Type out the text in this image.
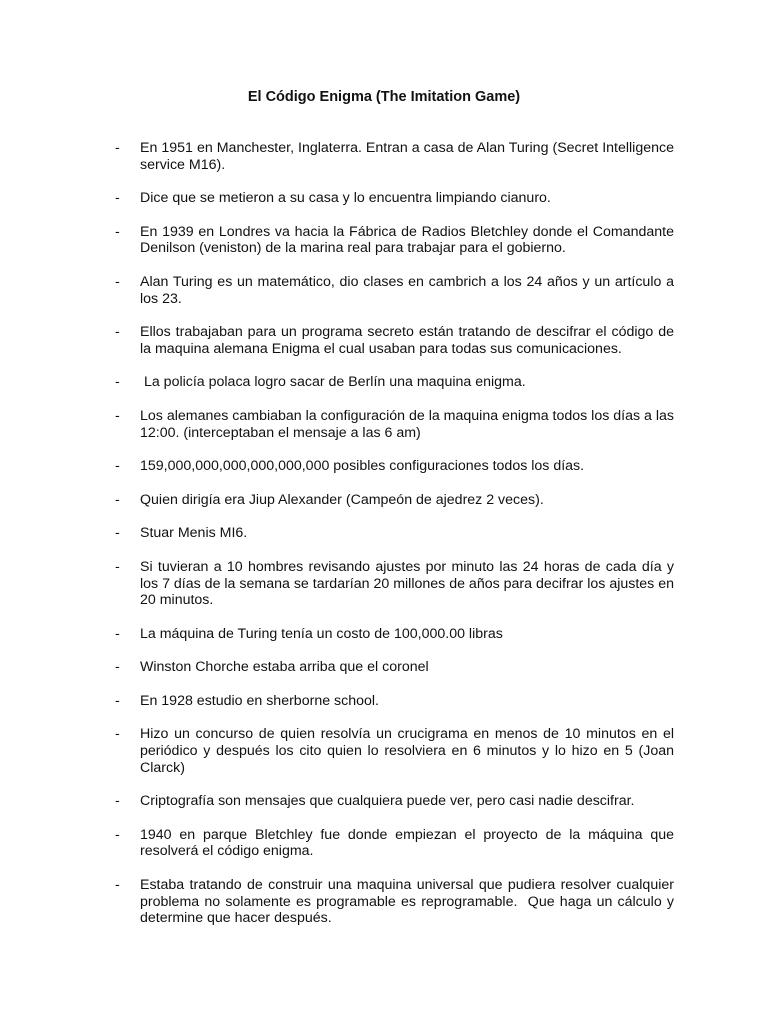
El Código Enigma (The Imitation Game)
- En 1951 en Manchester, Inglaterra. Entran a casa de Alan Turing (Secret Intelligence service M16).
- Dice que se metieron a su casa y lo encuentra limpiando cianuro.
- En 1939 en Londres va hacia la Fábrica de Radios Bletchley donde el Comandante Denilson (veniston) de la marina real para trabajar para el gobierno.
- Alan Turing es un matemático, dio clases en cambrich a los 24 años y un artículo a los 23.
- Ellos trabajaban para un programa secreto están tratando de descifrar el código de la maquina alemana Enigma el cual usaban para todas sus comunicaciones.
- La policía polaca logro sacar de Berlín una maquina enigma.
- Los alemanes cambiaban la configuración de la maquina enigma todos los días a las 12:00. (interceptaban el mensaje a las 6 am)
- 159,000,000,000,000,000,000 posibles configuraciones todos los días.
- Quien dirigía era Jiup Alexander (Campeón de ajedrez 2 veces).
- Stuar Menis MI6.
- Si tuvieran a 10 hombres revisando ajustes por minuto las 24 horas de cada día y los 7 días de la semana se tardarían 20 millones de años para decifrar los ajustes en 20 minutos.
- La máquina de Turing tenía un costo de 100,000.00 libras
- Winston Chorche estaba arriba que el coronel
- En 1928 estudio en sherborne school.
- Hizo un concurso de quien resolvía un crucigrama en menos de 10 minutos en el periódico y después los cito quien lo resolviera en 6 minutos y lo hizo en 5 (Joan Clarck)
- Criptografía son mensajes que cualquiera puede ver, pero casi nadie descifrar.
- 1940 en parque Bletchley fue donde empiezan el proyecto de la máquina que resolverá el código enigma.
- Estaba tratando de construir una maquina universal que pudiera resolver cualquier problema no solamente es programable es reprogramable.  Que haga un cálculo y determine que hacer después.
